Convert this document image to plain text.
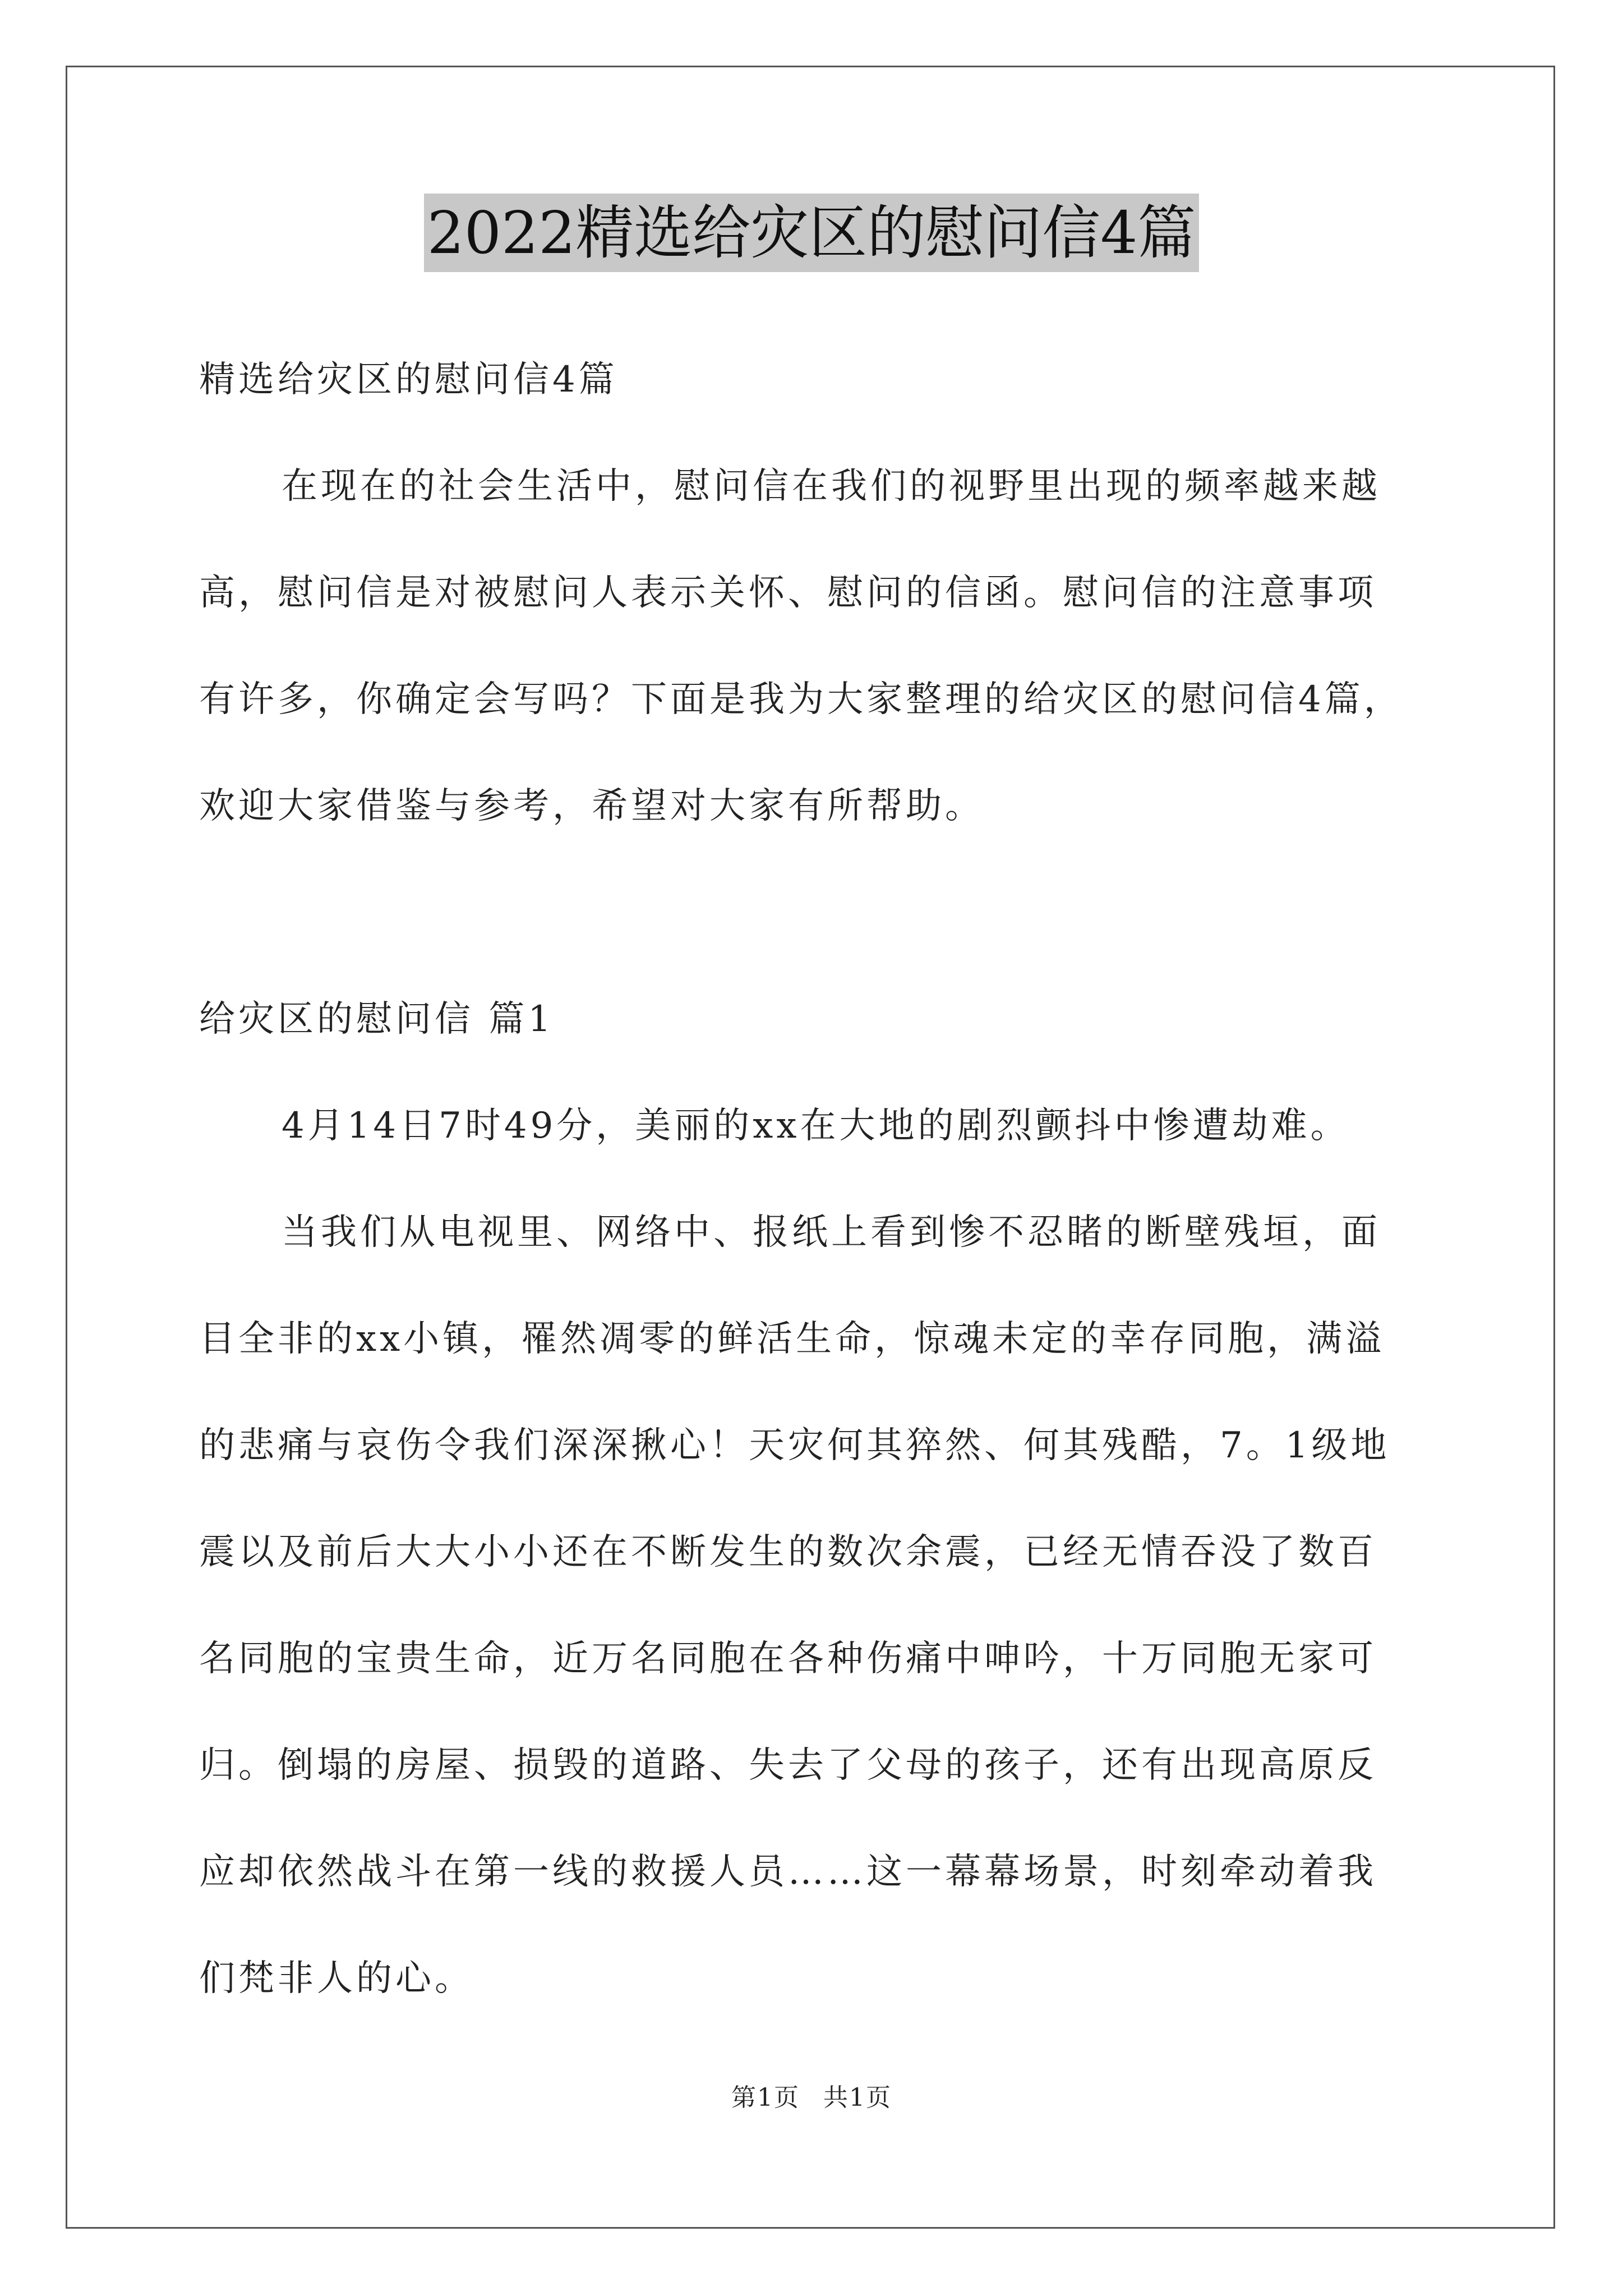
2022精选给灾区的慰问信4篇
精选给灾区的慰问信4篇
在现在的社会生活中，慰问信在我们的视野里出现的频率越来越
高，慰问信是对被慰问人表示关怀、慰问的信函。慰问信的注意事项
有许多，你确定会写吗？下面是我为大家整理的给灾区的慰问信4篇，
欢迎大家借鉴与参考，希望对大家有所帮助。
给灾区的慰问信 篇1
4月14日7时49分，美丽的xx在大地的剧烈颤抖中惨遭劫难。
当我们从电视里、网络中、报纸上看到惨不忍睹的断壁残垣，面
目全非的xx小镇，罹然凋零的鲜活生命，惊魂未定的幸存同胞，满溢
的悲痛与哀伤令我们深深揪心！天灾何其猝然、何其残酷，7。1级地
震以及前后大大小小还在不断发生的数次余震，已经无情吞没了数百
名同胞的宝贵生命，近万名同胞在各种伤痛中呻吟，十万同胞无家可
归。倒塌的房屋、损毁的道路、失去了父母的孩子，还有出现高原反
应却依然战斗在第一线的救援人员……这一幕幕场景，时刻牵动着我
们梵非人的心。
第1页 共1页
